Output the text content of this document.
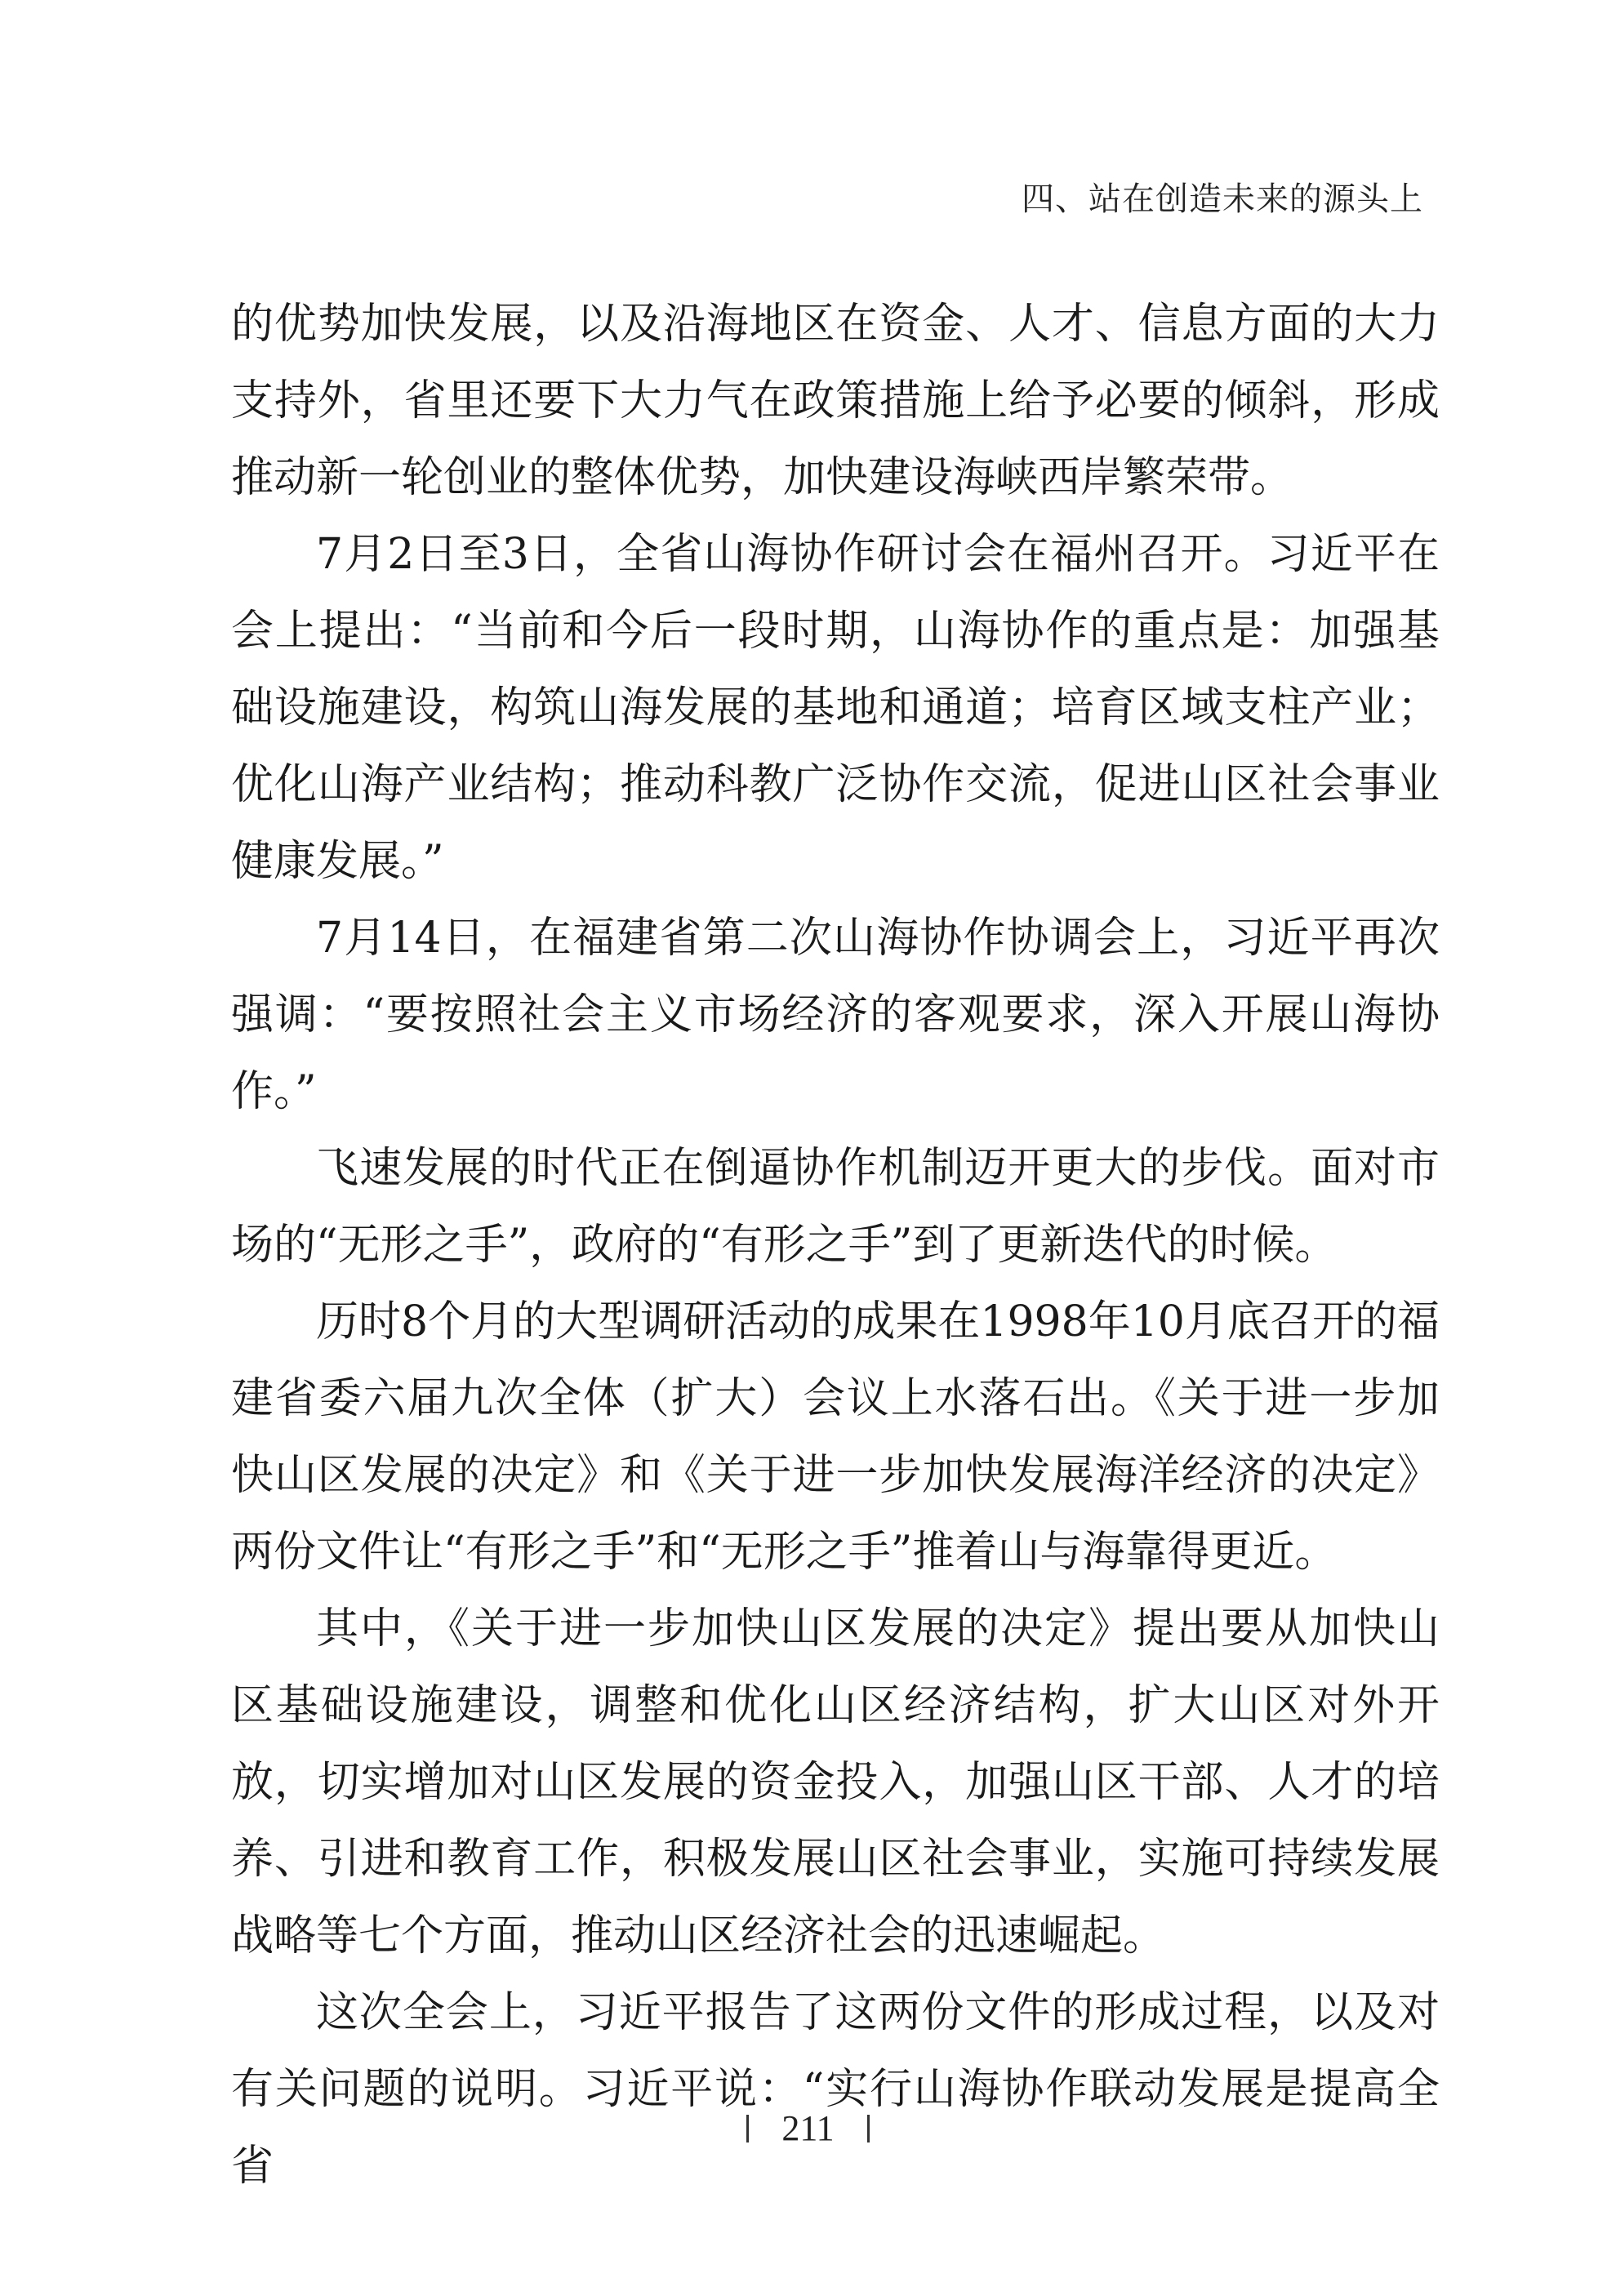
四、站在创造未来的源头上

的优势加快发展，以及沿海地区在资金、人才、信息方面的大力支持外，省里还要下大力气在政策措施上给予必要的倾斜，形成推动新一轮创业的整体优势，加快建设海峡西岸繁荣带。

7月2日至3日，全省山海协作研讨会在福州召开。习近平在会上提出：“当前和今后一段时期，山海协作的重点是：加强基础设施建设，构筑山海发展的基地和通道；培育区域支柱产业；优化山海产业结构；推动科教广泛协作交流，促进山区社会事业健康发展。”

7月14日，在福建省第二次山海协作协调会上，习近平再次强调：“要按照社会主义市场经济的客观要求，深入开展山海协作。”

飞速发展的时代正在倒逼协作机制迈开更大的步伐。面对市场的“无形之手”，政府的“有形之手”到了更新迭代的时候。

历时8个月的大型调研活动的成果在1998年10月底召开的福建省委六届九次全体（扩大）会议上水落石出。《关于进一步加快山区发展的决定》和《关于进一步加快发展海洋经济的决定》两份文件让“有形之手”和“无形之手”推着山与海靠得更近。

其中，《关于进一步加快山区发展的决定》提出要从加快山区基础设施建设，调整和优化山区经济结构，扩大山区对外开放，切实增加对山区发展的资金投入，加强山区干部、人才的培养、引进和教育工作，积极发展山区社会事业，实施可持续发展战略等七个方面，推动山区经济社会的迅速崛起。

这次全会上，习近平报告了这两份文件的形成过程，以及对有关问题的说明。习近平说：“实行山海协作联动发展是提高全省

211
